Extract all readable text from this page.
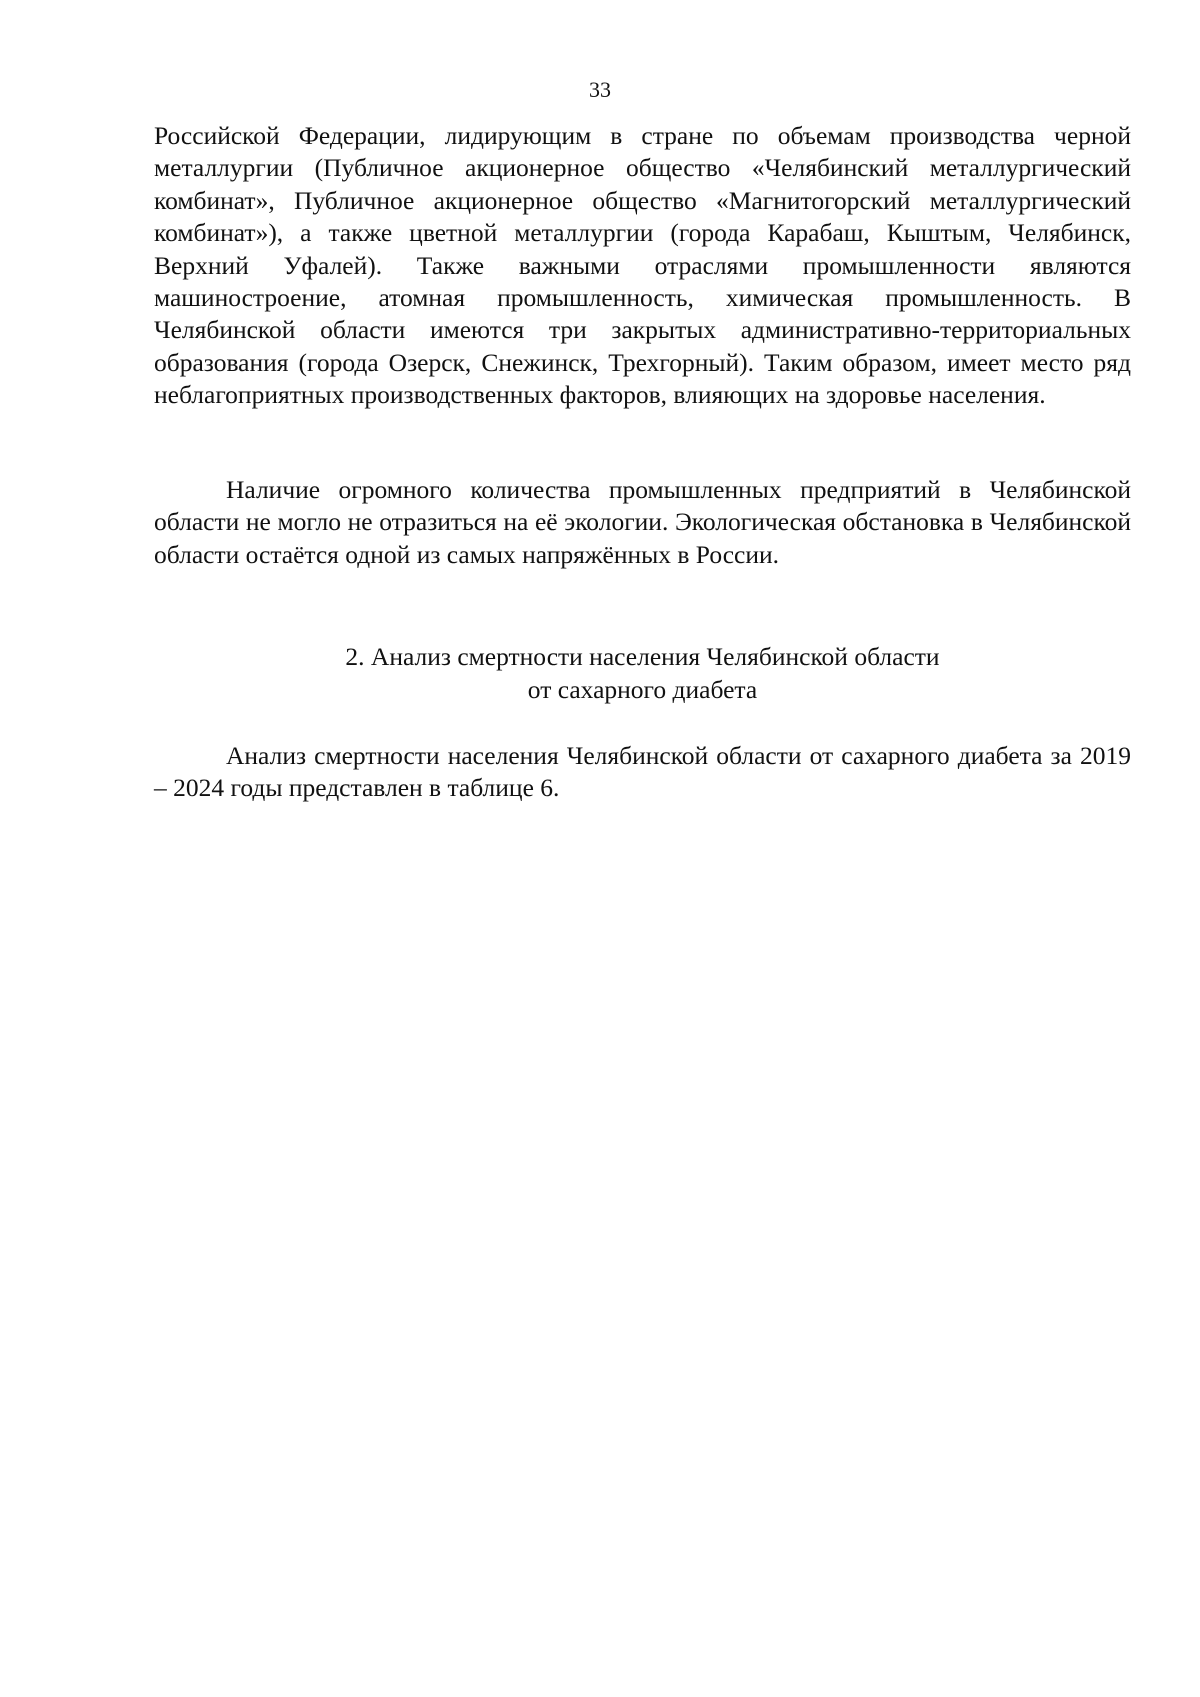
33

Российской Федерации, лидирующим в стране по объемам производства черной металлургии (Публичное акционерное общество «Челябинский металлургический комбинат», Публичное акционерное общество «Магнитогорский металлургический комбинат»), а также цветной металлургии (города Карабаш, Кыштым, Челябинск, Верхний Уфалей). Также важными отраслями промышленности являются машиностроение, атомная промышленность, химическая промышленность. В Челябинской области имеются три закрытых административно-территориальных образования (города Озерск, Снежинск, Трехгорный). Таким образом, имеет место ряд неблагоприятных производственных факторов, влияющих на здоровье населения.

Наличие огромного количества промышленных предприятий в Челябинской области не могло не отразиться на её экологии. Экологическая обстановка в Челябинской области остаётся одной из самых напряжённых в России.

2. Анализ смертности населения Челябинской области
от сахарного диабета

Анализ смертности населения Челябинской области от сахарного диабета за 2019 – 2024 годы представлен в таблице 6.
